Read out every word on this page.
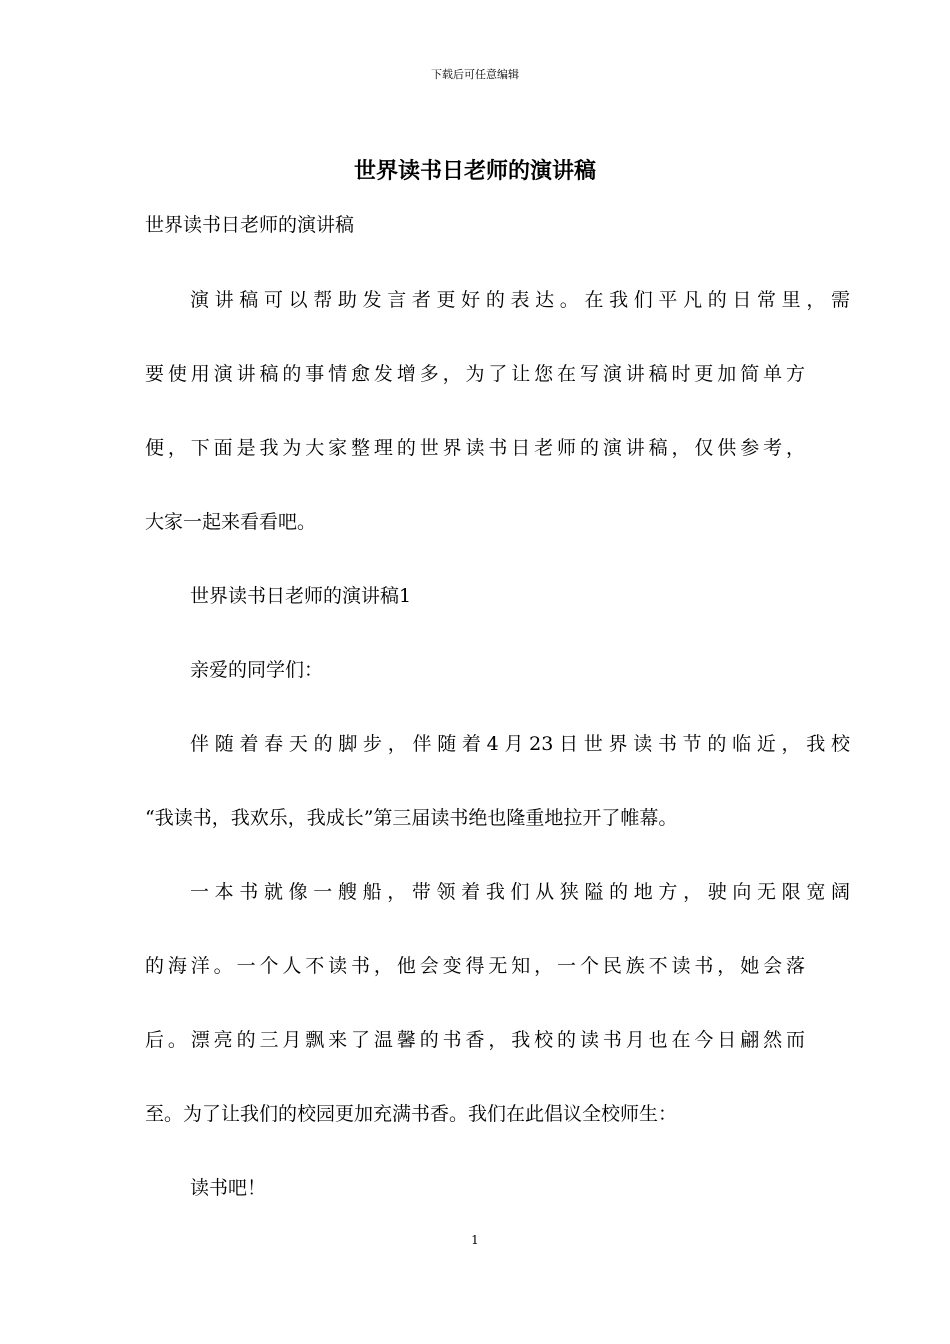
下载后可任意编辑
世界读书日老师的演讲稿

世界读书日老师的演讲稿

演讲稿可以帮助发言者更好的表达。在我们平凡的日常里，需
要使用演讲稿的事情愈发增多，为了让您在写演讲稿时更加简单方
便，下面是我为大家整理的世界读书日老师的演讲稿，仅供参考，
大家一起来看看吧。
世界读书日老师的演讲稿1
亲爱的同学们：
伴随着春天的脚步，伴随着4月23日世界读书节的临近，我校
“我读书，我欢乐，我成长”第三届读书绝也隆重地拉开了帷幕。
一本书就像一艘船，带领着我们从狭隘的地方，驶向无限宽阔
的海洋。一个人不读书，他会变得无知，一个民族不读书，她会落
后。漂亮的三月飘来了温馨的书香，我校的读书月也在今日翩然而
至。为了让我们的校园更加充满书香。我们在此倡议全校师生：
读书吧！
1
